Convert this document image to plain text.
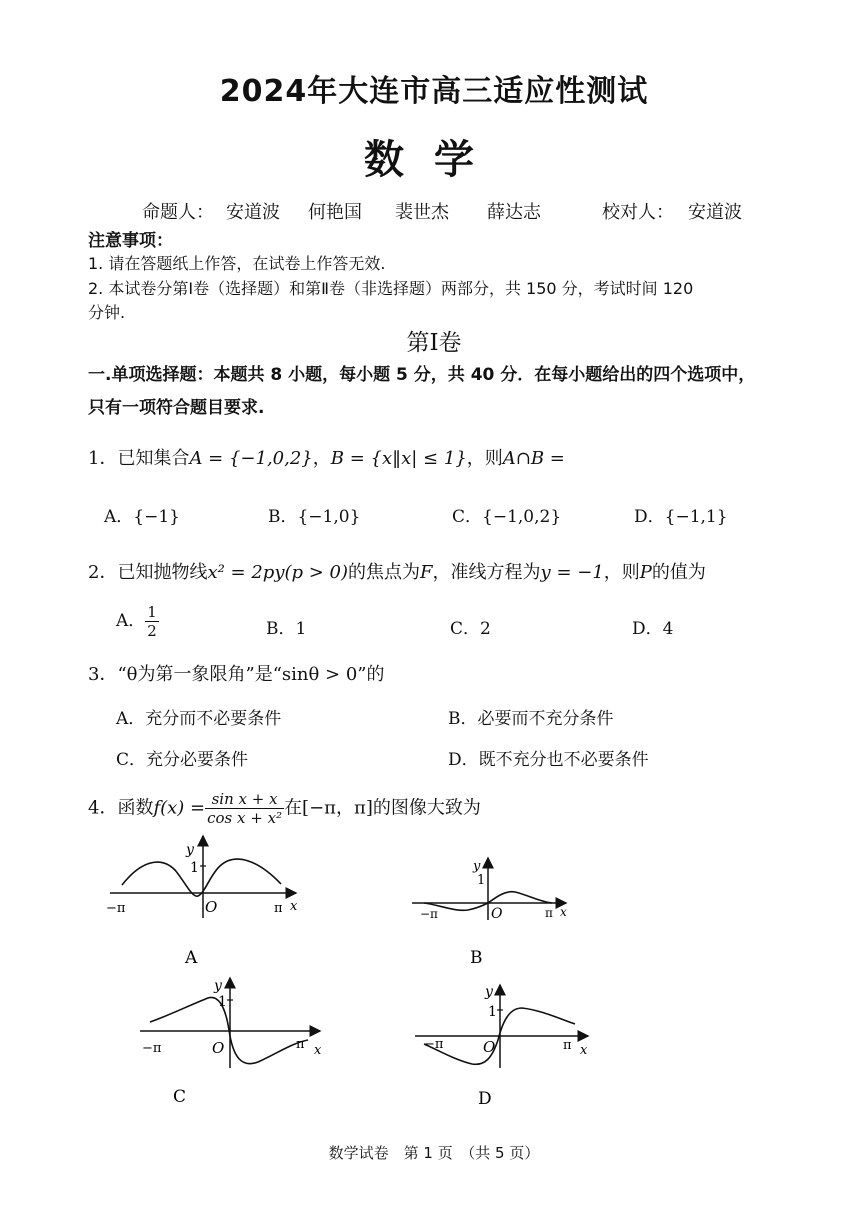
2024年大连市高三适应性测试
数学
命题人： 安道波 何艳国 裴世杰 薛达志	校对人： 安道波
注意事项：
1. 请在答题纸上作答，在试卷上作答无效.
2. 本试卷分第Ⅰ卷（选择题）和第Ⅱ卷（非选择题）两部分，共 150 分，考试时间 120
分钟.
第Ⅰ卷
一.单项选择题：本题共 8 小题，每小题 5 分，共 40 分．在每小题给出的四个选项中，
只有一项符合题目要求.
1．已知集合A = {−1,0,2}，B = {x‖x| ≤ 1}，则A∩B =
A．{−1}	B．{−1,0}	C．{−1,0,2}	D．{−1,1}
2．已知抛物线x² = 2py(p > 0)的焦点为F，准线方程为y = −1，则P的值为
A． $\frac{1}{2}$	B．1	C．2	D．4
3．“θ为第一象限角”是“sinθ > 0”的
A．充分而不必要条件	B．必要而不充分条件
C．充分必要条件	D．既不充分也不必要条件
4．函数$f(x) = \frac{\text{sin x + x}}{\text{cos x + x²}}$ 在[−π，π]的图像大致为
y
1
O
−π	π x
A
y
1
O
−π	π x
B
y
1
O
−π	π x
C
y
1
O
−π	π x
D
数学试卷　第 1 页　（共 5 页）
